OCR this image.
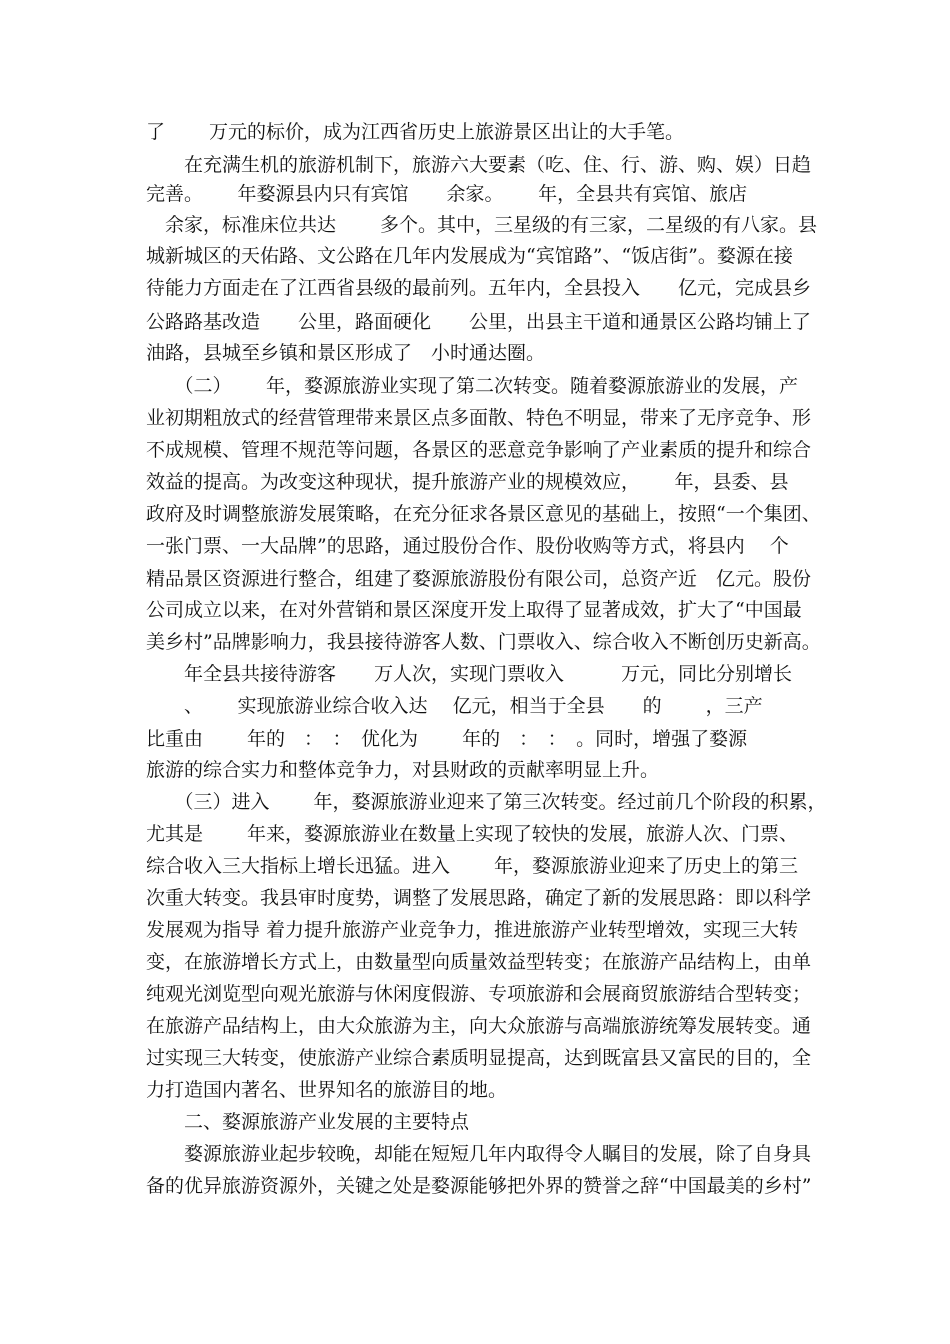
了　　 万元的标价，成为江西省历史上旅游景区出让的大手笔。
　　在充满生机的旅游机制下，旅游六大要素（吃、住、行、游、购、娱）日趋
完善。　　 年婺源县内只有宾馆　　余家。　　 年，全县共有宾馆、旅店
　余家，标准床位共达　　 多个。其中，三星级的有三家，二星级的有八家。县
城新城区的天佑路、文公路在几年内发展成为“宾馆路”、“饭店街”。婺源在接
待能力方面走在了江西省县级的最前列。五年内，全县投入　　亿元，完成县乡
公路路基改造　　公里，路面硬化　　公里，出县主干道和通景区公路均铺上了
油路，县城至乡镇和景区形成了　小时通达圈。
　　（二）　　 年，婺源旅游业实现了第二次转变。随着婺源旅游业的发展，产
业初期粗放式的经营管理带来景区点多面散、特色不明显，带来了无序竞争、形
不成规模、管理不规范等问题，各景区的恶意竞争影响了产业素质的提升和综合
效益的提高。为改变这种现状，提升旅游产业的规模效应，　　 年，县委、县
政府及时调整旅游发展策略，在充分征求各景区意见的基础上，按照“一个集团、
一张门票、一大品牌”的思路，通过股份合作、股份收购等方式，将县内　 个
精品景区资源进行整合，组建了婺源旅游股份有限公司，总资产近　亿元。股份
公司成立以来，在对外营销和景区深度开发上取得了显著成效，扩大了“中国最
美乡村”品牌影响力，我县接待游客人数、门票收入、综合收入不断创历史新高。
　　年全县共接待游客　　万人次，实现门票收入　　　万元，同比分别增长
　　、　　 实现旅游业综合收入达　 亿元，相当于全县　　的　　 ，三产
比重由　　 年的　：　：　优化为　　 年的　：　：　。同时，增强了婺源
旅游的综合实力和整体竞争力，对县财政的贡献率明显上升。
　　（三）进入　　 年，婺源旅游业迎来了第三次转变。经过前几个阶段的积累，
尤其是　　 年来，婺源旅游业在数量上实现了较快的发展，旅游人次、门票、
综合收入三大指标上增长迅猛。进入　　 年，婺源旅游业迎来了历史上的第三
次重大转变。我县审时度势，调整了发展思路，确定了新的发展思路：即以科学
发展观为指导 着力提升旅游产业竞争力，推进旅游产业转型增效，实现三大转
变，在旅游增长方式上，由数量型向质量效益型转变；在旅游产品结构上，由单
纯观光浏览型向观光旅游与休闲度假游、专项旅游和会展商贸旅游结合型转变；
在旅游产品结构上，由大众旅游为主，向大众旅游与高端旅游统筹发展转变。通
过实现三大转变，使旅游产业综合素质明显提高，达到既富县又富民的目的，全
力打造国内著名、世界知名的旅游目的地。
　　二、婺源旅游产业发展的主要特点
　　婺源旅游业起步较晚，却能在短短几年内取得令人瞩目的发展，除了自身具
备的优异旅游资源外，关键之处是婺源能够把外界的赞誉之辞“中国最美的乡村”
